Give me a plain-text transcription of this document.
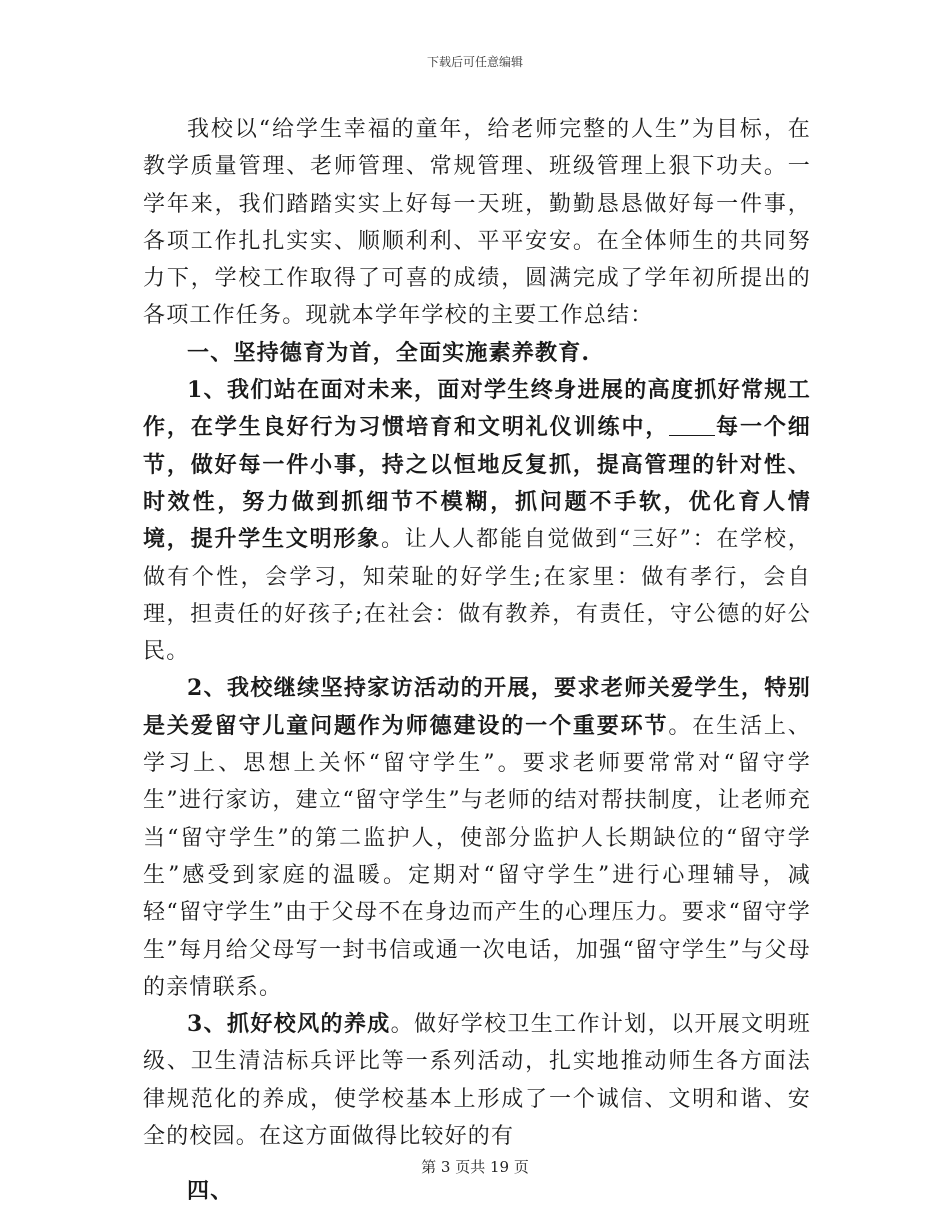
下载后可任意编辑

我校以“给学生幸福的童年，给老师完整的人生”为目标，在教学质量管理、老师管理、常规管理、班级管理上狠下功夫。一学年来，我们踏踏实实上好每一天班，勤勤恳恳做好每一件事，各项工作扎扎实实、顺顺利利、平平安安。在全体师生的共同努力下，学校工作取得了可喜的成绩，圆满完成了学年初所提出的各项工作任务。现就本学年学校的主要工作总结：

一、坚持德育为首，全面实施素养教育.

1、我们站在面对未来，面对学生终身进展的高度抓好常规工作，在学生良好行为习惯培育和文明礼仪训练中， 每一个细节，做好每一件小事，持之以恒地反复抓，提高管理的针对性、时效性，努力做到抓细节不模糊，抓问题不手软，优化育人情境，提升学生文明形象。让人人都能自觉做到“三好”：在学校，做有个性，会学习，知荣耻的好学生;在家里：做有孝行，会自理，担责任的好孩子;在社会：做有教养，有责任，守公德的好公民。

2、我校继续坚持家访活动的开展，要求老师关爱学生，特别是关爱留守儿童问题作为师德建设的一个重要环节。在生活上、学习上、思想上关怀“留守学生”。要求老师要常常对“留守学生”进行家访，建立“留守学生”与老师的结对帮扶制度，让老师充当“留守学生”的第二监护人，使部分监护人长期缺位的“留守学生”感受到家庭的温暖。定期对“留守学生”进行心理辅导，减轻“留守学生”由于父母不在身边而产生的心理压力。要求“留守学生”每月给父母写一封书信或通一次电话，加强“留守学生”与父母的亲情联系。

3、抓好校风的养成。做好学校卫生工作计划，以开展文明班级、卫生清洁标兵评比等一系列活动，扎实地推动师生各方面法律规范化的养成，使学校基本上形成了一个诚信、文明和谐、安全的校园。在这方面做得比较好的有

四、

第 3 页共 19 页
